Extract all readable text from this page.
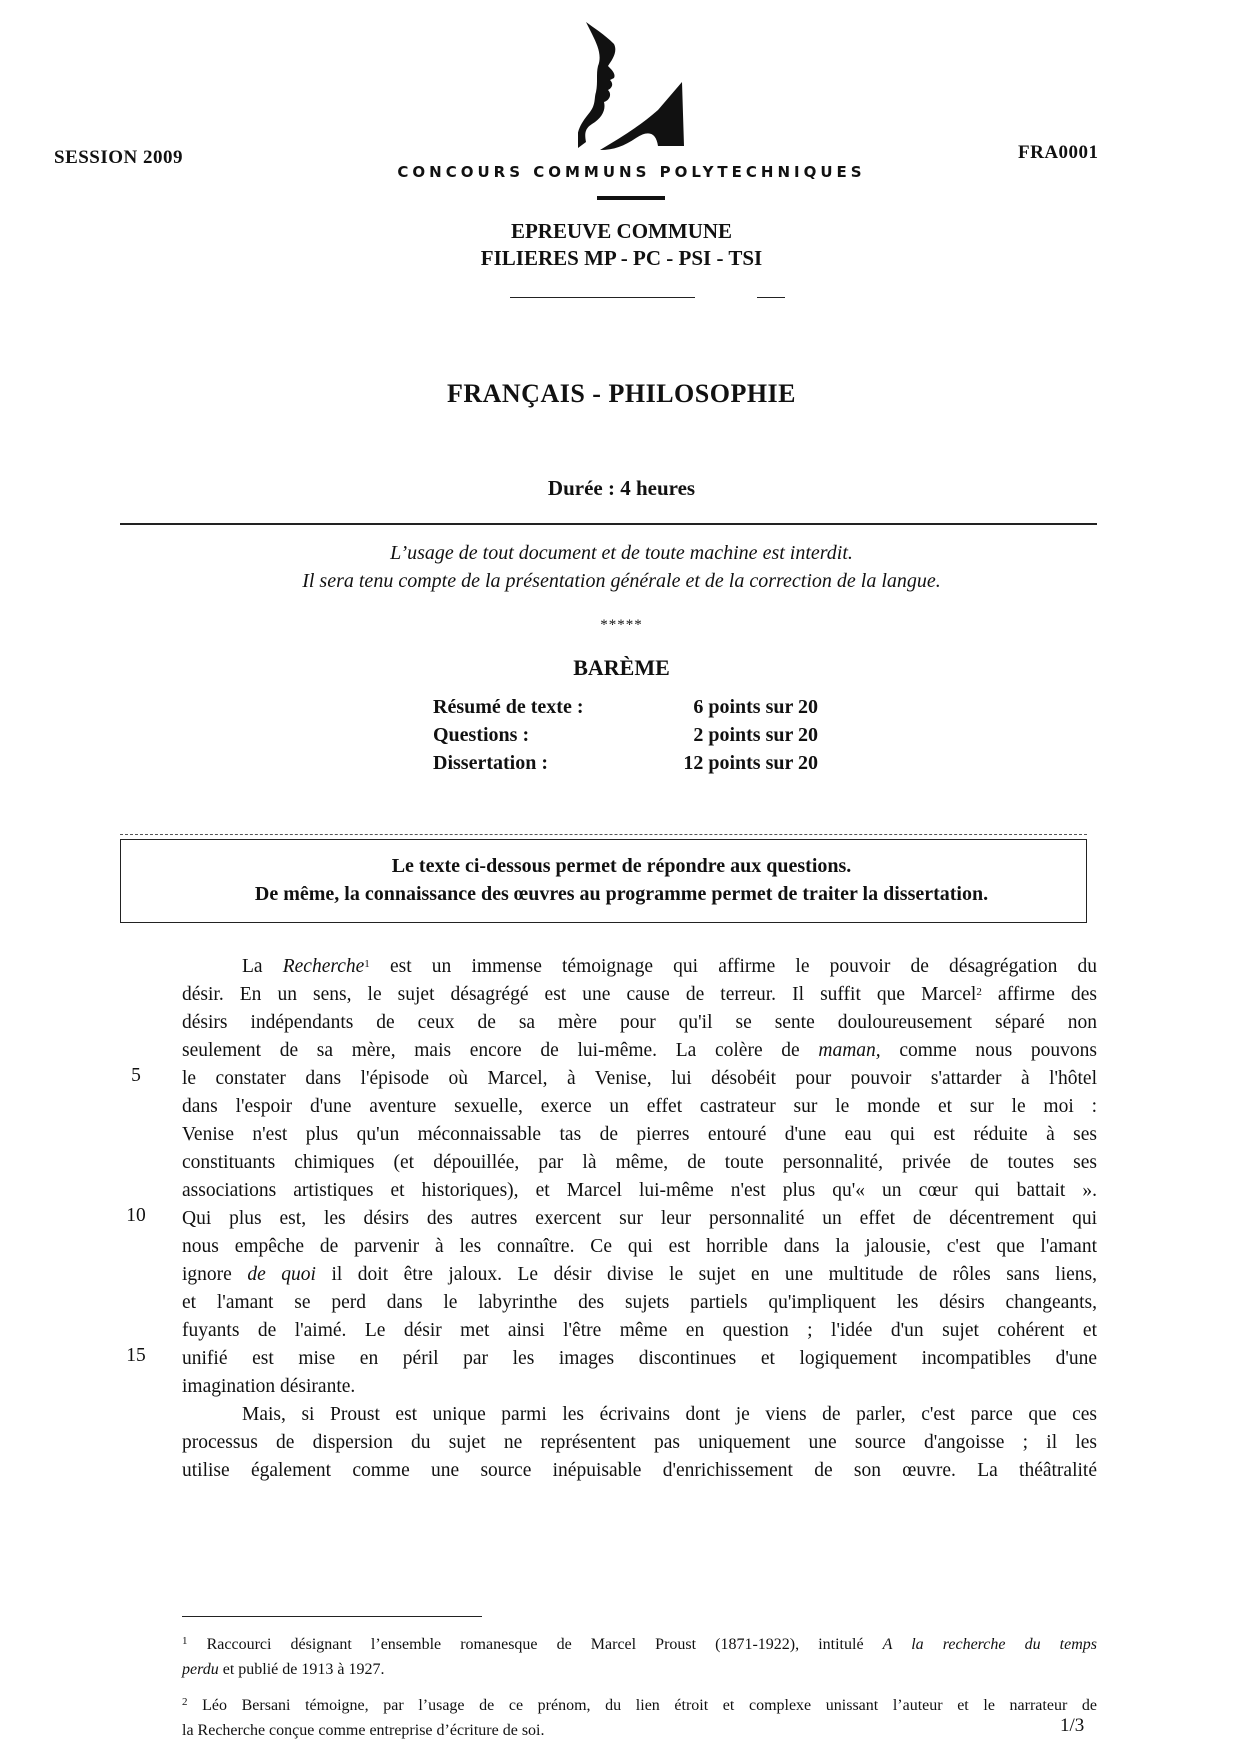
SESSION 2009	FRA0001
CONCOURS COMMUNS POLYTECHNIQUES
EPREUVE COMMUNE
FILIERES MP - PC - PSI - TSI
FRANÇAIS - PHILOSOPHIE
Durée : 4 heures
L’usage de tout document et de toute machine est interdit.
Il sera tenu compte de la présentation générale et de la correction de la langue.
*****
BARÈME
Résumé de texte :	6 points sur 20
Questions :	2 points sur 20
Dissertation :	12 points sur 20
Le texte ci-dessous permet de répondre aux questions.
De même, la connaissance des œuvres au programme permet de traiter la dissertation.
La Recherche$^1$ est un immense témoignage qui affirme le pouvoir de désagrégation du
désir. En un sens, le sujet désagrégé est une cause de terreur. Il suffit que Marcel$^2$ affirme des
désirs indépendants de ceux de sa mère pour qu'il se sente douloureusement séparé non
seulement de sa mère, mais encore de lui-même. La colère de maman, comme nous pouvons
le constater dans l'épisode où Marcel, à Venise, lui désobéit pour pouvoir s'attarder à l'hôtel
dans l'espoir d'une aventure sexuelle, exerce un effet castrateur sur le monde et sur le moi :
Venise n'est plus qu'un méconnaissable tas de pierres entouré d'une eau qui est réduite à ses
constituants chimiques (et dépouillée, par là même, de toute personnalité, privée de toutes ses
associations artistiques et historiques), et Marcel lui-même n'est plus qu'« un cœur qui battait ».
Qui plus est, les désirs des autres exercent sur leur personnalité un effet de décentrement qui
nous empêche de parvenir à les connaître. Ce qui est horrible dans la jalousie, c'est que l'amant
ignore de quoi il doit être jaloux. Le désir divise le sujet en une multitude de rôles sans liens,
et l'amant se perd dans le labyrinthe des sujets partiels qu'impliquent les désirs changeants,
fuyants de l'aimé. Le désir met ainsi l'être même en question ; l'idée d'un sujet cohérent et
unifié est mise en péril par les images discontinues et logiquement incompatibles d'une
imagination désirante.
Mais, si Proust est unique parmi les écrivains dont je viens de parler, c'est parce que ces
processus de dispersion du sujet ne représentent pas uniquement une source d'angoisse ; il les
utilise également comme une source inépuisable d'enrichissement de son œuvre. La théâtralité
5
10
15
$^1$ Raccourci désignant l’ensemble romanesque de Marcel Proust (1871-1922), intitulé A la recherche du temps
perdu et publié de 1913 à 1927.
$^2$ Léo Bersani témoigne, par l’usage de ce prénom, du lien étroit et complexe unissant l’auteur et le narrateur de
la Recherche conçue comme entreprise d’écriture de soi.	1/3
